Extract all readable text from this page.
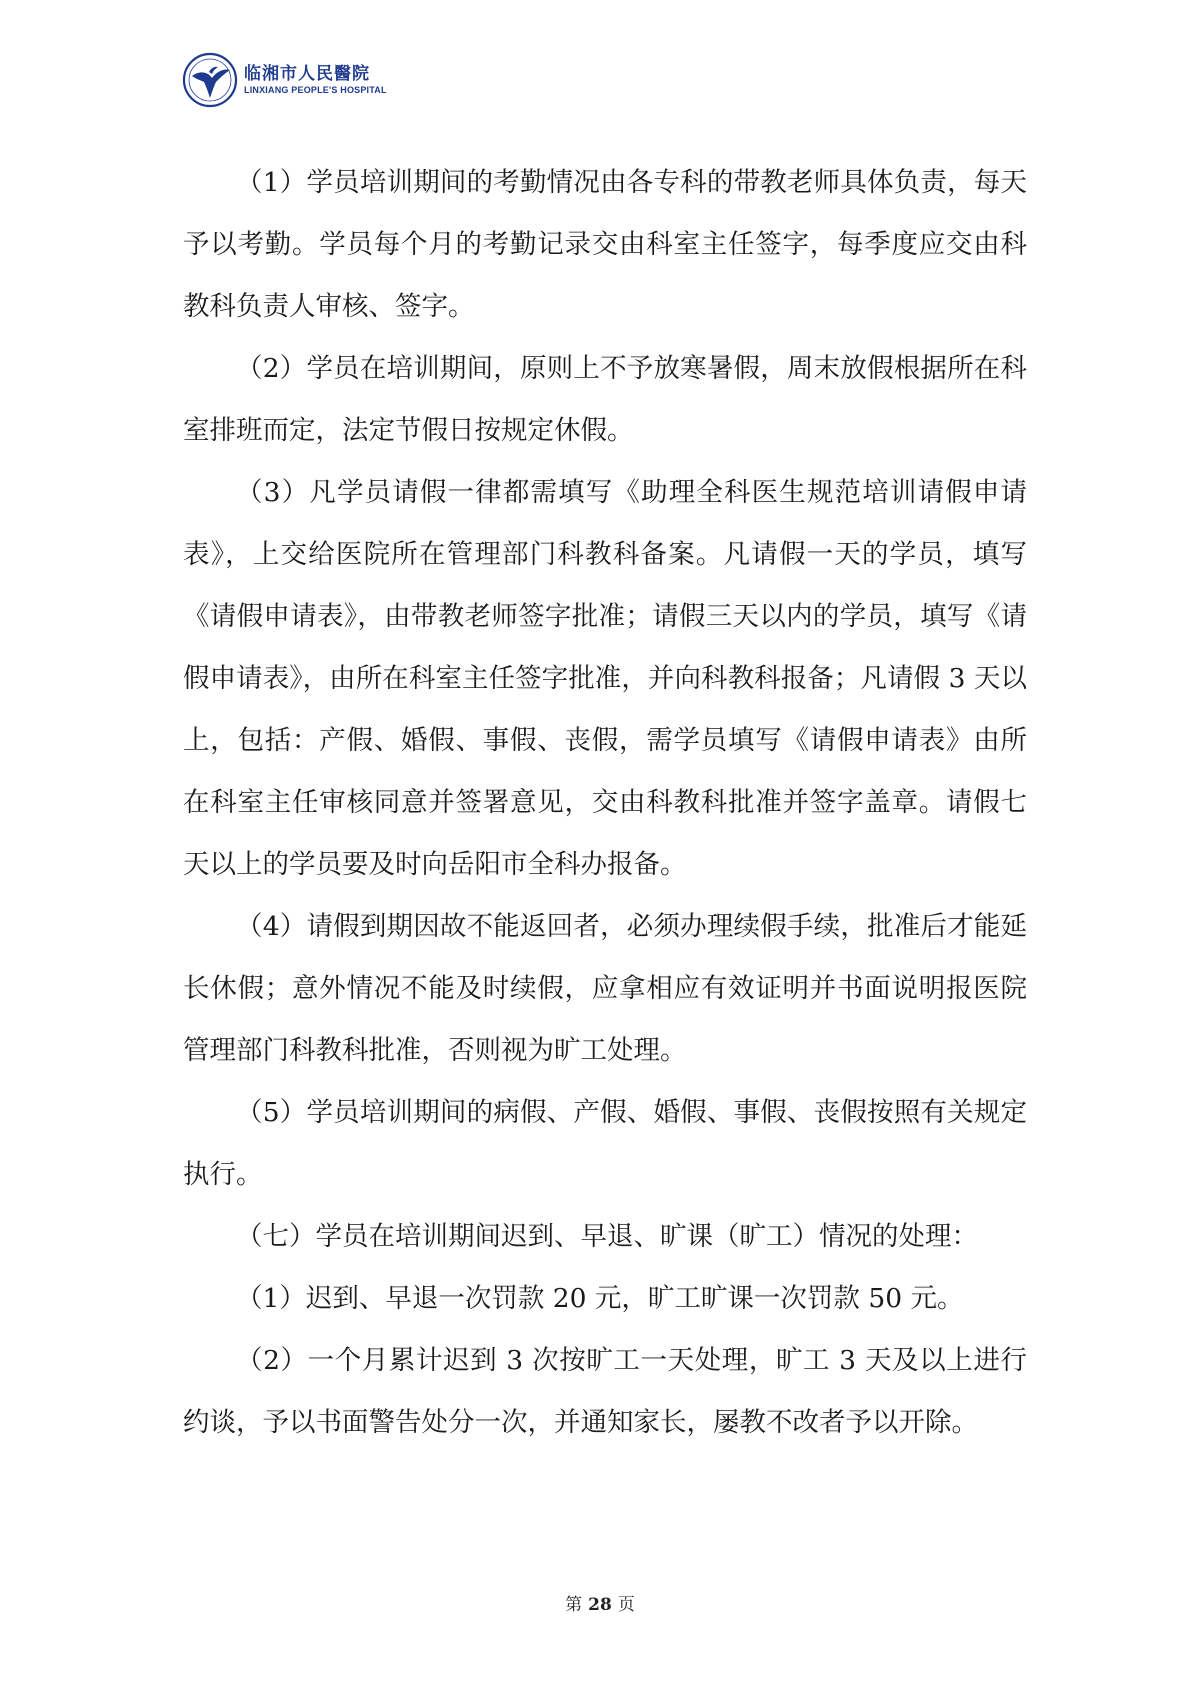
临湘市人民醫院
LINXIANG PEOPLE'S HOSPITAL

（1）学员培训期间的考勤情况由各专科的带教老师具体负责，每天予以考勤。学员每个月的考勤记录交由科室主任签字，每季度应交由科教科负责人审核、签字。

（2）学员在培训期间，原则上不予放寒暑假，周末放假根据所在科室排班而定，法定节假日按规定休假。

（3）凡学员请假一律都需填写《助理全科医生规范培训请假申请表》，上交给医院所在管理部门科教科备案。凡请假一天的学员，填写《请假申请表》，由带教老师签字批准；请假三天以内的学员，填写《请假申请表》，由所在科室主任签字批准，并向科教科报备；凡请假 3 天以上，包括：产假、婚假、事假、丧假，需学员填写《请假申请表》由所在科室主任审核同意并签署意见，交由科教科批准并签字盖章。请假七天以上的学员要及时向岳阳市全科办报备。

（4）请假到期因故不能返回者，必须办理续假手续，批准后才能延长休假；意外情况不能及时续假，应拿相应有效证明并书面说明报医院管理部门科教科批准，否则视为旷工处理。

（5）学员培训期间的病假、产假、婚假、事假、丧假按照有关规定执行。

（七）学员在培训期间迟到、早退、旷课（旷工）情况的处理：

（1）迟到、早退一次罚款 20 元，旷工旷课一次罚款 50 元。

（2）一个月累计迟到 3 次按旷工一天处理，旷工 3 天及以上进行约谈，予以书面警告处分一次，并通知家长，屡教不改者予以开除。

第 28 页
